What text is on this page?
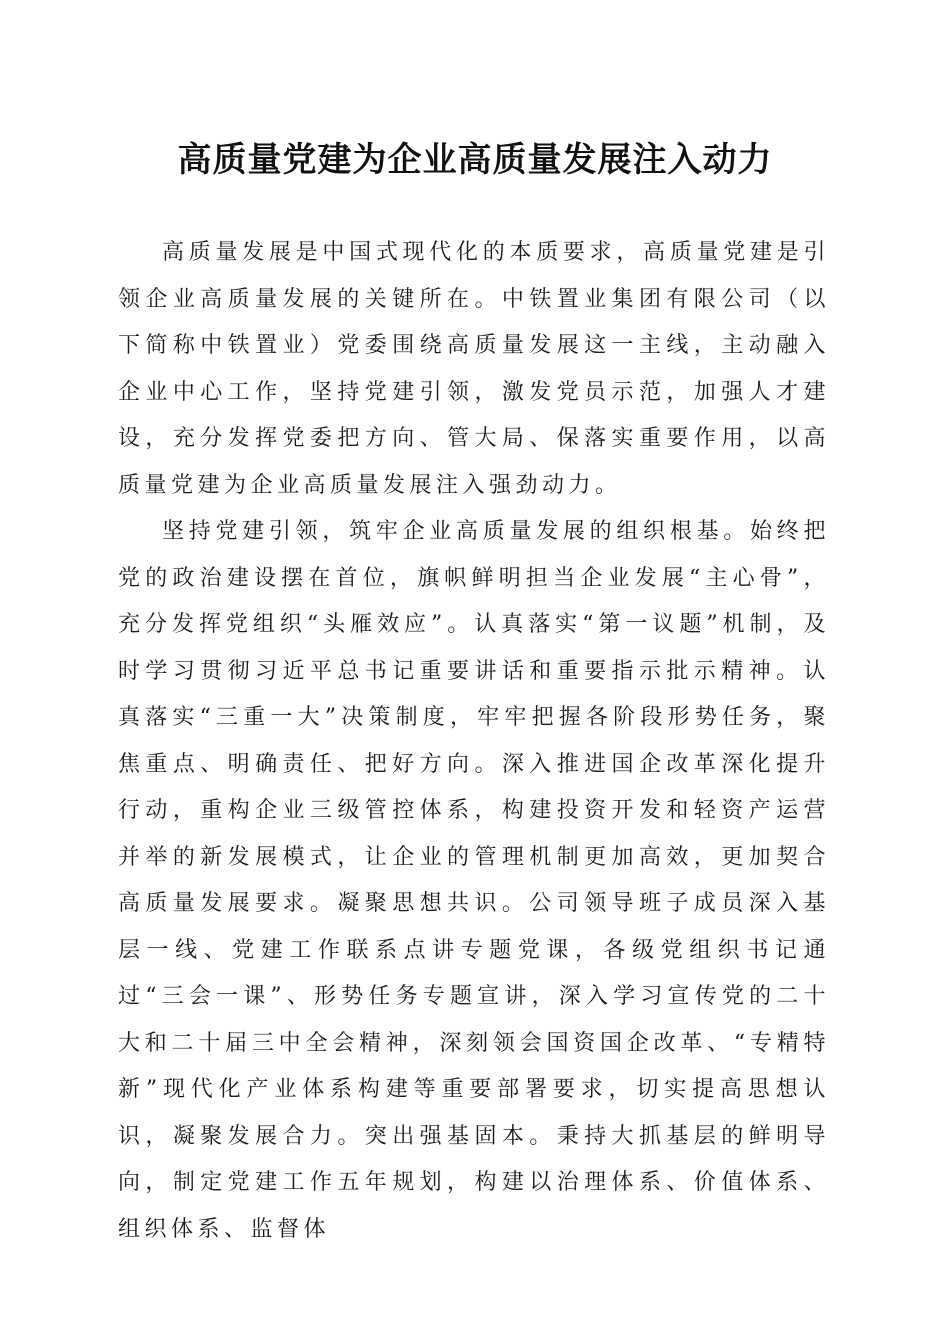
高质量党建为企业高质量发展注入动力

高质量发展是中国式现代化的本质要求，高质量党建是引领企业高质量发展的关键所在。中铁置业集团有限公司（以下简称中铁置业）党委围绕高质量发展这一主线，主动融入企业中心工作，坚持党建引领，激发党员示范，加强人才建设，充分发挥党委把方向、管大局、保落实重要作用，以高质量党建为企业高质量发展注入强劲动力。

坚持党建引领，筑牢企业高质量发展的组织根基。始终把党的政治建设摆在首位，旗帜鲜明担当企业发展“主心骨”，充分发挥党组织“头雁效应”。认真落实“第一议题”机制，及时学习贯彻习近平总书记重要讲话和重要指示批示精神。认真落实“三重一大”决策制度，牢牢把握各阶段形势任务，聚焦重点、明确责任、把好方向。深入推进国企改革深化提升行动，重构企业三级管控体系，构建投资开发和轻资产运营并举的新发展模式，让企业的管理机制更加高效，更加契合高质量发展要求。凝聚思想共识。公司领导班子成员深入基层一线、党建工作联系点讲专题党课，各级党组织书记通过“三会一课”、形势任务专题宣讲，深入学习宣传党的二十大和二十届三中全会精神，深刻领会国资国企改革、“专精特新”现代化产业体系构建等重要部署要求，切实提高思想认识，凝聚发展合力。突出强基固本。秉持大抓基层的鲜明导向，制定党建工作五年规划，构建以治理体系、价值体系、组织体系、监督体
